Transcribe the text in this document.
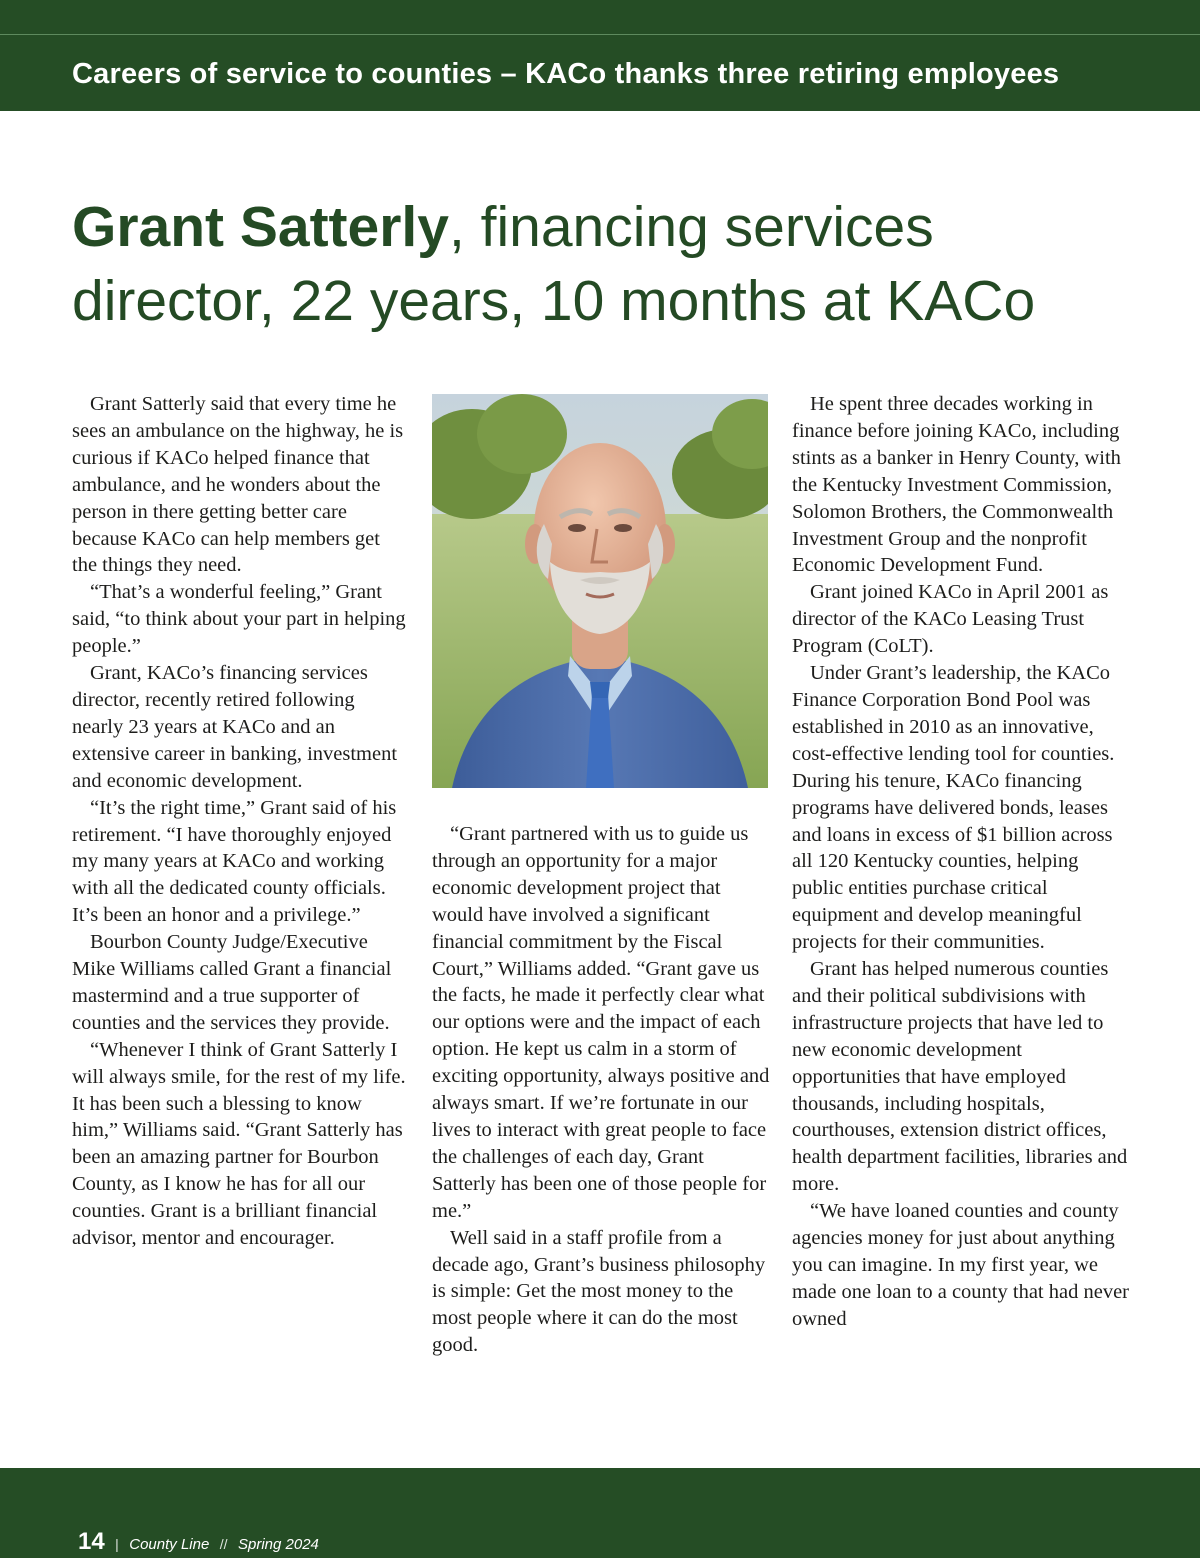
Careers of service to counties – KACo thanks three retiring employees
Grant Satterly, financing services
director, 22 years, 10 months at KACo

Grant Satterly said that every time he sees an ambulance on the highway, he is curious if KACo helped finance that ambulance, and he wonders about the person in there getting better care because KACo can help members get the things they need.

“That’s a wonderful feeling,” Grant said, “to think about your part in helping people.”

Grant, KACo’s financing services director, recently retired following nearly 23 years at KACo and an extensive career in banking, investment and economic development.

“It’s the right time,” Grant said of his retirement. “I have thoroughly enjoyed my many years at KACo and working with all the dedicated county officials. It’s been an honor and a privilege.”

Bourbon County Judge/Executive Mike Williams called Grant a financial mastermind and a true supporter of counties and the services they provide.

“Whenever I think of Grant Satterly I will always smile, for the rest of my life. It has been such a blessing to know him,” Williams said. “Grant Satterly has been an amazing partner for Bourbon County, as I know he has for all our counties. Grant is a brilliant financial advisor, mentor and encourager.

“Grant partnered with us to guide us through an opportunity for a major economic development project that would have involved a significant financial commitment by the Fiscal Court,” Williams added. “Grant gave us the facts, he made it perfectly clear what our options were and the impact of each option. He kept us calm in a storm of exciting opportunity, always positive and always smart. If we’re fortunate in our lives to interact with great people to face the challenges of each day, Grant Satterly has been one of those people for me.”

Well said in a staff profile from a decade ago, Grant’s business philosophy is simple: Get the most money to the most people where it can do the most good.

He spent three decades working in finance before joining KACo, including stints as a banker in Henry County, with the Kentucky Investment Commission, Solomon Brothers, the Commonwealth Investment Group and the nonprofit Economic Development Fund.

Grant joined KACo in April 2001 as director of the KACo Leasing Trust Program (CoLT).

Under Grant’s leadership, the KACo Finance Corporation Bond Pool was established in 2010 as an innovative, cost-effective lending tool for counties. During his tenure, KACo financing programs have delivered bonds, leases and loans in excess of $1 billion across all 120 Kentucky counties, helping public entities purchase critical equipment and develop meaningful projects for their communities.

Grant has helped numerous counties and their political subdivisions with infrastructure projects that have led to new economic development opportunities that have employed thousands, including hospitals, courthouses, extension district offices, health department facilities, libraries and more.

“We have loaned counties and county agencies money for just about anything you can imagine. In my first year, we made one loan to a county that had never owned

14 | County Line // Spring 2024
